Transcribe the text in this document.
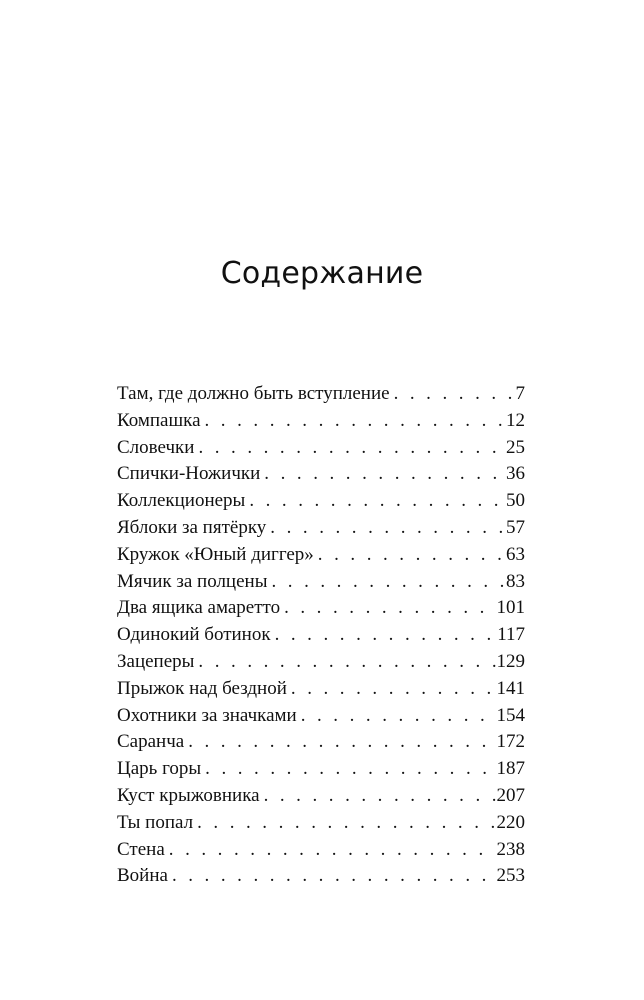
Содержание
Там, где должно быть вступление . . .	7
Компашка . . .	12
Словечки . . .	25
Спички-Ножички . . .	36
Коллекционеры . . .	50
Яблоки за пятёрку . . .	57
Кружок «Юный диггер» . . .	63
Мячик за полцены . . .	83
Два ящика амаретто . . .	101
Одинокий ботинок . . .	117
Зацеперы . . .	129
Прыжок над бездной . . .	141
Охотники за значками . . .	154
Саранча . . .	172
Царь горы . . .	187
Куст крыжовника . . .	207
Ты попал . . .	220
Стена . . .	238
Война . . .	253
